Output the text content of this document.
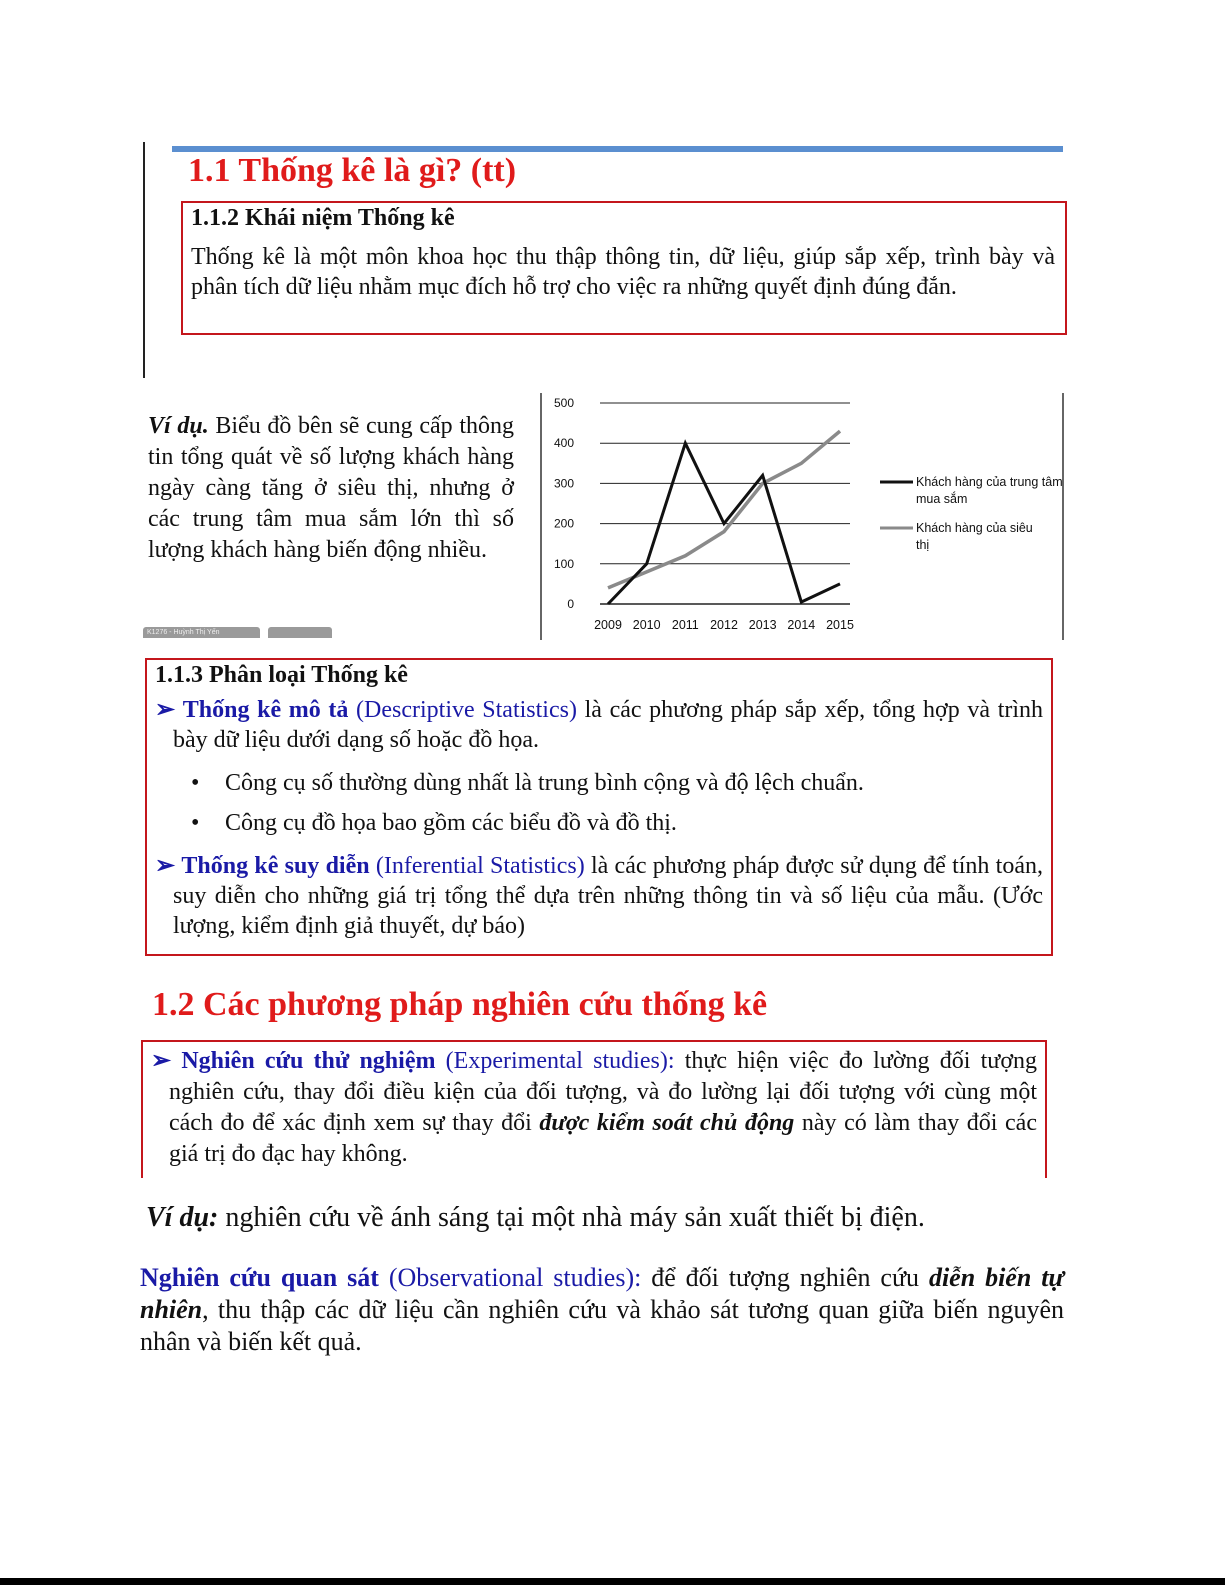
1.1 Thống kê là gì? (tt)

1.1.2 Khái niệm Thống kê

Thống kê là một môn khoa học thu thập thông tin, dữ liệu, giúp sắp xếp, trình bày và phân tích dữ liệu nhằm mục đích hỗ trợ cho việc ra những quyết định đúng đắn.

Ví dụ. Biểu đồ bên sẽ cung cấp thông tin tổng quát về số lượng khách hàng ngày càng tăng ở siêu thị, nhưng ở các trung tâm mua sắm lớn thì số lượng khách hàng biến động nhiều.
K1276 - Huỳnh Thị Yến
0
100
200
300
400
500
2009 2010 2011 2012 2013 2014 2015
Khách hàng của trung tâm mua sắm
Khách hàng của siêu thị

1.1.3 Phân loại Thống kê

➢ Thống kê mô tả (Descriptive Statistics) là các phương pháp sắp xếp, tổng hợp và trình bày dữ liệu dưới dạng số hoặc đồ họa.

• Công cụ số thường dùng nhất là trung bình cộng và độ lệch chuẩn.
• Công cụ đồ họa bao gồm các biểu đồ và đồ thị.

➢ Thống kê suy diễn (Inferential Statistics) là các phương pháp được sử dụng để tính toán, suy diễn cho những giá trị tổng thể dựa trên những thông tin và số liệu của mẫu. (Ước lượng, kiểm định giả thuyết, dự báo)

1.2 Các phương pháp nghiên cứu thống kê

➢ Nghiên cứu thử nghiệm (Experimental studies): thực hiện việc đo lường đối tượng nghiên cứu, thay đổi điều kiện của đối tượng, và đo lường lại đối tượng với cùng một cách đo để xác định xem sự thay đổi được kiểm soát chủ động này có làm thay đổi các giá trị đo đạc hay không.

Ví dụ: nghiên cứu về ánh sáng tại một nhà máy sản xuất thiết bị điện.
Nghiên cứu quan sát (Observational studies): để đối tượng nghiên cứu diễn biến tự nhiên, thu thập các dữ liệu cần nghiên cứu và khảo sát tương quan giữa biến nguyên nhân và biến kết quả.
